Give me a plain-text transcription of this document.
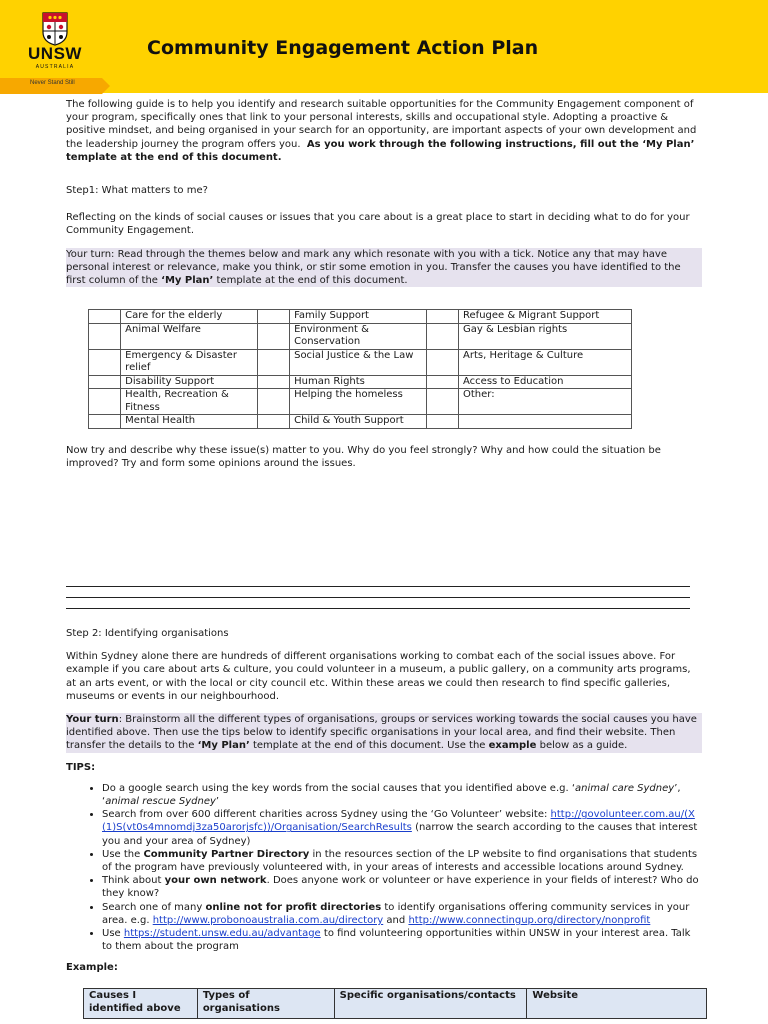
UNSW
AUSTRALIA
Community Engagement Action Plan
Never Stand Still

The following guide is to help you identify and research suitable opportunities for the Community Engagement component of your program, specifically ones that link to your personal interests, skills and occupational style. Adopting a proactive & positive mindset, and being organised in your search for an opportunity, are important aspects of your own development and the leadership journey the program offers you. As you work through the following instructions, fill out the ‘My Plan’ template at the end of this document.

Step1: What matters to me?

Reflecting on the kinds of social causes or issues that you care about is a great place to start in deciding what to do for your Community Engagement.

Your turn: Read through the themes below and mark any which resonate with you with a tick. Notice any that may have personal interest or relevance, make you think, or stir some emotion in you. Transfer the causes you have identified to the first column of the ‘My Plan’ template at the end of this document.

	Care for the elderly		Family Support		Refugee & Migrant Support
	Animal Welfare		Environment & Conservation		Gay & Lesbian rights
	Emergency & Disaster relief		Social Justice & the Law		Arts, Heritage & Culture
	Disability Support		Human Rights		Access to Education
	Health, Recreation & Fitness		Helping the homeless		Other:
	Mental Health		Child & Youth Support		

Now try and describe why these issue(s) matter to you. Why do you feel strongly? Why and how could the situation be improved? Try and form some opinions around the issues.

Step 2: Identifying organisations

Within Sydney alone there are hundreds of different organisations working to combat each of the social issues above. For example if you care about arts & culture, you could volunteer in a museum, a public gallery, on a community arts programs, at an arts event, or with the local or city council etc. Within these areas we could then research to find specific galleries, museums or events in our neighbourhood.

Your turn: Brainstorm all the different types of organisations, groups or services working towards the social causes you have identified above. Then use the tips below to identify specific organisations in your local area, and find their website. Then transfer the details to the ‘My Plan’ template at the end of this document. Use the example below as a guide.

TIPS:

• Do a google search using the key words from the social causes that you identified above e.g. ‘animal care Sydney’, ‘animal rescue Sydney’
• Search from over 600 different charities across Sydney using the ‘Go Volunteer’ website: http://govolunteer.com.au/(X(1)S(vt0s4mnomdj3za50arorjsfc))/Organisation/SearchResults (narrow the search according to the causes that interest you and your area of Sydney)
• Use the Community Partner Directory in the resources section of the LP website to find organisations that students of the program have previously volunteered with, in your areas of interests and accessible locations around Sydney.
• Think about your own network. Does anyone work or volunteer or have experience in your fields of interest? Who do they know?
• Search one of many online not for profit directories to identify organisations offering community services in your area. e.g. http://www.probonoaustralia.com.au/directory and http://www.connectingup.org/directory/nonprofit
• Use https://student.unsw.edu.au/advantage to find volunteering opportunities within UNSW in your interest area. Talk to them about the program

Example:

Causes I identified above	Types of organisations	Specific organisations/contacts	Website
